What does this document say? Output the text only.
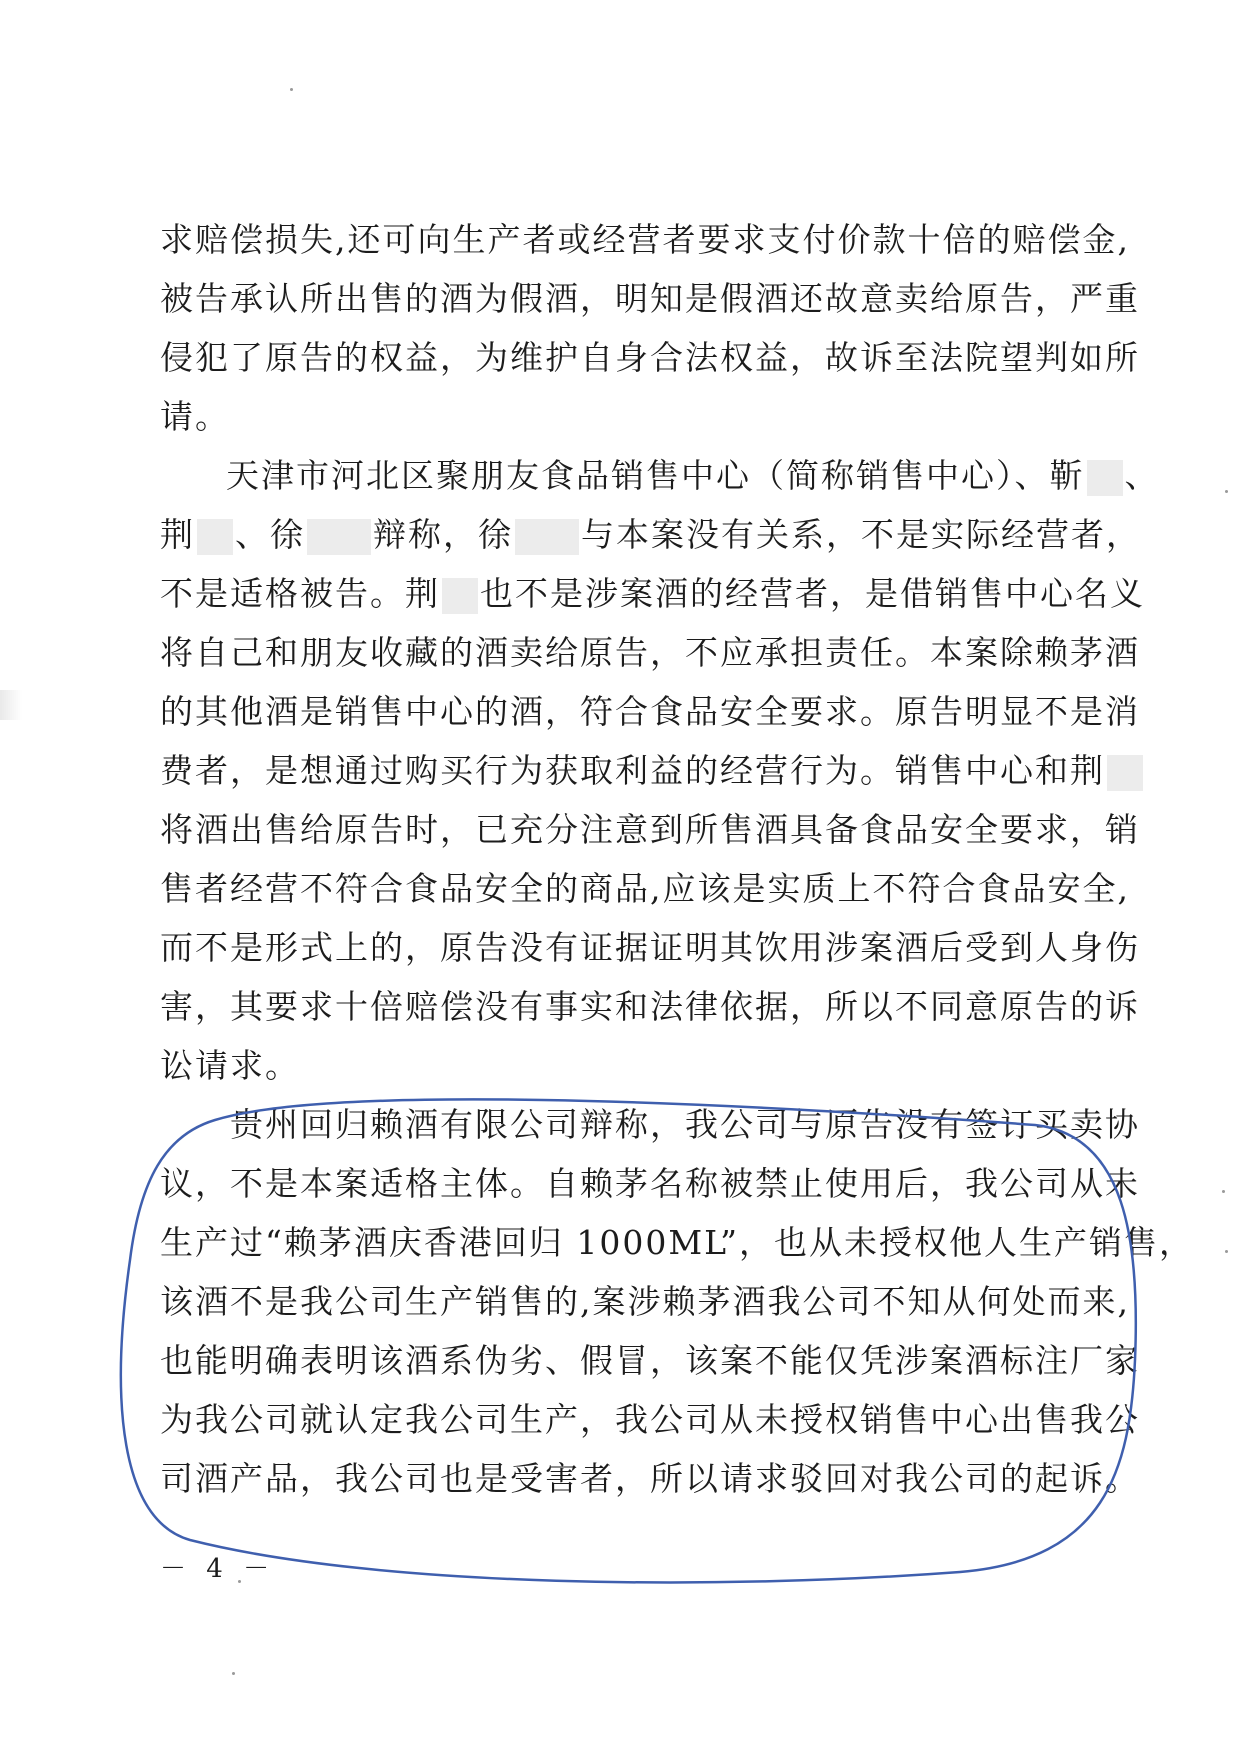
求赔偿损失,还可向生产者或经营者要求支付价款十倍的赔偿金,
被告承认所出售的酒为假酒，明知是假酒还故意卖给原告，严重
侵犯了原告的权益，为维护自身合法权益，故诉至法院望判如所
请。
天津市河北区聚朋友食品销售中心（简称销售中心）、靳 、
荆 、徐 辩称，徐 与本案没有关系，不是实际经营者，
不是适格被告。荆 也不是涉案酒的经营者，是借销售中心名义
将自己和朋友收藏的酒卖给原告，不应承担责任。本案除赖茅酒
的其他酒是销售中心的酒，符合食品安全要求。原告明显不是消
费者，是想通过购买行为获取利益的经营行为。销售中心和荆
将酒出售给原告时，已充分注意到所售酒具备食品安全要求，销
售者经营不符合食品安全的商品,应该是实质上不符合食品安全,
而不是形式上的，原告没有证据证明其饮用涉案酒后受到人身伤
害，其要求十倍赔偿没有事实和法律依据，所以不同意原告的诉
讼请求。
　　贵州回归赖酒有限公司辩称，我公司与原告没有签订买卖协
议，不是本案适格主体。自赖茅名称被禁止使用后，我公司从未
生产过“赖茅酒庆香港回归 1000ML”，也从未授权他人生产销售，
该酒不是我公司生产销售的,案涉赖茅酒我公司不知从何处而来,
也能明确表明该酒系伪劣、假冒，该案不能仅凭涉案酒标注厂家
为我公司就认定我公司生产，我公司从未授权销售中心出售我公
司酒产品，我公司也是受害者，所以请求驳回对我公司的起诉。
－ 4 －
